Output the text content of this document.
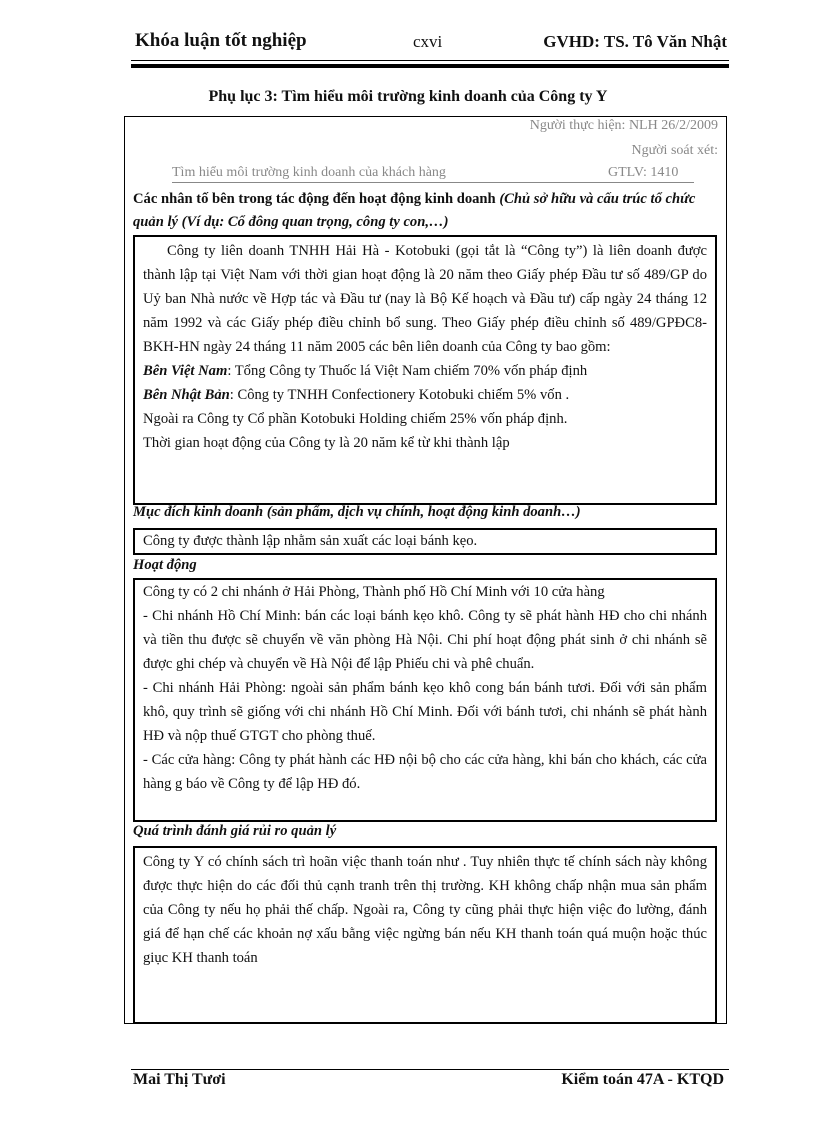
Khóa luận tốt nghiệp	cxvi	GVHD: TS. Tô Văn Nhật
Phụ lục 3: Tìm hiểu môi trường kinh doanh của Công ty Y
Người thực hiện: NLH 26/2/2009
Người soát xét:
Tìm hiểu môi trường kinh doanh của khách hàng	GTLV: 1410
Các nhân tố bên trong tác động đến hoạt động kinh doanh (Chủ sở hữu và cấu trúc tổ chức quản lý (Ví dụ: Cổ đông quan trọng, công ty con,…)

Công ty liên doanh TNHH Hải Hà - Kotobuki (gọi tắt là “Công ty”) là liên doanh được thành lập tại Việt Nam với thời gian hoạt động là 20 năm theo Giấy phép Đầu tư số 489/GP do Uỷ ban Nhà nước về Hợp tác và Đầu tư (nay là Bộ Kế hoạch và Đầu tư) cấp ngày 24 tháng 12 năm 1992 và các Giấy phép điều chỉnh bổ sung. Theo Giấy phép điều chỉnh số 489/GPĐC8-BKH-HN ngày 24 tháng 11 năm 2005 các bên liên doanh của Công ty bao gồm:

Bên Việt Nam: Tổng Công ty Thuốc lá Việt Nam chiếm 70% vốn pháp định

Bên Nhật Bản: Công ty TNHH Confectionery Kotobuki chiếm 5% vốn .

Ngoài ra Công ty Cổ phần Kotobuki Holding chiếm 25% vốn pháp định.

Thời gian hoạt động của Công ty là 20 năm kể từ khi thành lập

Mục đích kinh doanh (sản phẩm, dịch vụ chính, hoạt động kinh doanh…)

Công ty được thành lập nhằm sản xuất các loại bánh kẹo.

Hoạt động

Công ty có 2 chi nhánh ở Hải Phòng, Thành phố Hồ Chí Minh với 10 cửa hàng

- Chi nhánh Hồ Chí Minh: bán các loại bánh kẹo khô. Công ty sẽ phát hành HĐ cho chi nhánh và tiền thu được sẽ chuyển về văn phòng Hà Nội. Chi phí hoạt động phát sinh ở chi nhánh sẽ được ghi chép và chuyển về Hà Nội để lập Phiếu chi và phê chuẩn.

- Chi nhánh Hải Phòng: ngoài sản phẩm bánh kẹo khô cong bán bánh tươi. Đối với sản phẩm khô, quy trình sẽ giống với chi nhánh Hồ Chí Minh. Đối với bánh tươi, chi nhánh sẽ phát hành HĐ và nộp thuế GTGT cho phòng thuế.

- Các cửa hàng: Công ty phát hành các HĐ nội bộ cho các cửa hàng, khi bán cho khách, các cửa hàng g báo về Công ty để lập HĐ đó.

Quá trình đánh giá rủi ro quản lý

Công ty Y có chính sách trì hoãn việc thanh toán như . Tuy nhiên thực tế chính sách này không được thực hiện do các đối thủ cạnh tranh trên thị trường. KH không chấp nhận mua sản phẩm của Công ty nếu họ phải thế chấp. Ngoài ra, Công ty cũng phải thực hiện việc đo lường, đánh giá để hạn chế các khoản nợ xấu bằng việc ngừng bán nếu KH thanh toán quá muộn hoặc thúc giục KH thanh toán

Mai Thị Tươi	Kiểm toán 47A - KTQD
